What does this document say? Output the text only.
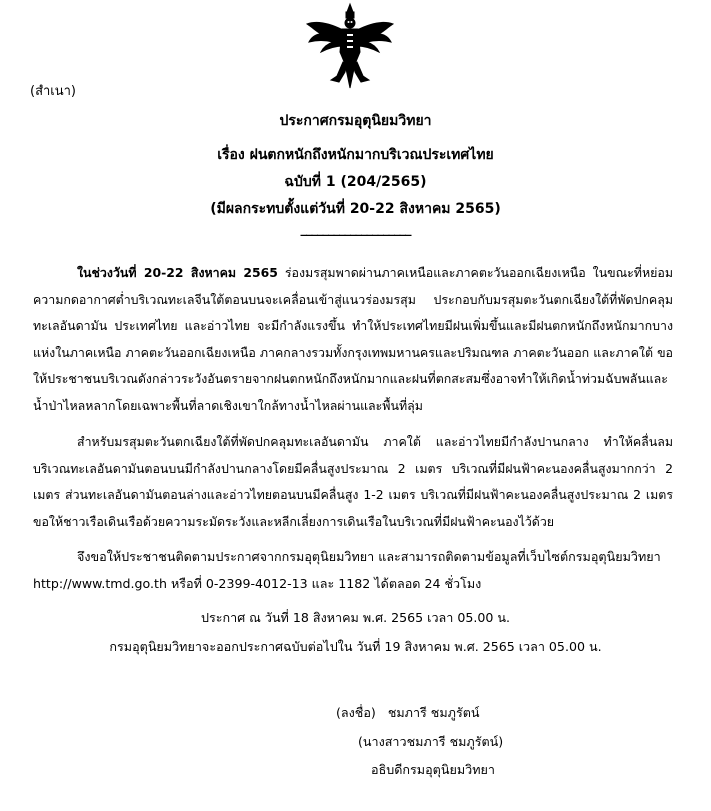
(สำเนา)
ประกาศกรมอุตุนิยมวิทยา
เรื่อง ฝนตกหนักถึงหนักมากบริเวณประเทศไทย
ฉบับที่ 1 (204/2565)
(มีผลกระทบตั้งแต่วันที่ 20-22 สิงหาคม 2565)
____________________
ในช่วงวันที่ 20-22 สิงหาคม 2565 ร่องมรสุมพาดผ่านภาคเหนือและภาคตะวันออกเฉียงเหนือ ในขณะที่หย่อมความกดอากาศต่ำบริเวณทะเลจีนใต้ตอนบนจะเคลื่อนเข้าสู่แนวร่องมรสุม ประกอบกับมรสุมตะวันตกเฉียงใต้ที่พัดปกคลุมทะเลอันดามัน ประเทศไทย และอ่าวไทย จะมีกำลังแรงขึ้น ทำให้ประเทศไทยมีฝนเพิ่มขึ้นและมีฝนตกหนักถึงหนักมากบางแห่งในภาคเหนือ ภาคตะวันออกเฉียงเหนือ ภาคกลางรวมทั้งกรุงเทพมหานครและปริมณฑล ภาคตะวันออก และภาคใต้ ขอให้ประชาชนบริเวณดังกล่าวระวังอันตรายจากฝนตกหนักถึงหนักมากและฝนที่ตกสะสมซึ่งอาจทำให้เกิดน้ำท่วมฉับพลันและน้ำป่าไหลหลากโดยเฉพาะพื้นที่ลาดเชิงเขาใกล้ทางน้ำไหลผ่านและพื้นที่ลุ่ม
สำหรับมรสุมตะวันตกเฉียงใต้ที่พัดปกคลุมทะเลอันดามัน ภาคใต้ และอ่าวไทยมีกำลังปานกลาง ทำให้คลื่นลมบริเวณทะเลอันดามันตอนบนมีกำลังปานกลางโดยมีคลื่นสูงประมาณ 2 เมตร บริเวณที่มีฝนฟ้าคะนองคลื่นสูงมากกว่า 2 เมตร ส่วนทะเลอันดามันตอนล่างและอ่าวไทยตอนบนมีคลื่นสูง 1-2 เมตร บริเวณที่มีฝนฟ้าคะนองคลื่นสูงประมาณ 2 เมตร ขอให้ชาวเรือเดินเรือด้วยความระมัดระวังและหลีกเลี่ยงการเดินเรือในบริเวณที่มีฝนฟ้าคะนองไว้ด้วย
จึงขอให้ประชาชนติดตามประกาศจากกรมอุตุนิยมวิทยา และสามารถติดตามข้อมูลที่เว็บไซต์กรมอุตุนิยมวิทยา
http://www.tmd.go.th หรือที่ 0-2399-4012-13 และ 1182 ได้ตลอด 24 ชั่วโมง
ประกาศ ณ วันที่ 18 สิงหาคม พ.ศ. 2565 เวลา 05.00 น.
กรมอุตุนิยมวิทยาจะออกประกาศฉบับต่อไปใน วันที่ 19 สิงหาคม พ.ศ. 2565 เวลา 05.00 น.
(ลงชื่อ) ชมภารี ชมภูรัตน์
(นางสาวชมภารี ชมภูรัตน์)
อธิบดีกรมอุตุนิยมวิทยา
